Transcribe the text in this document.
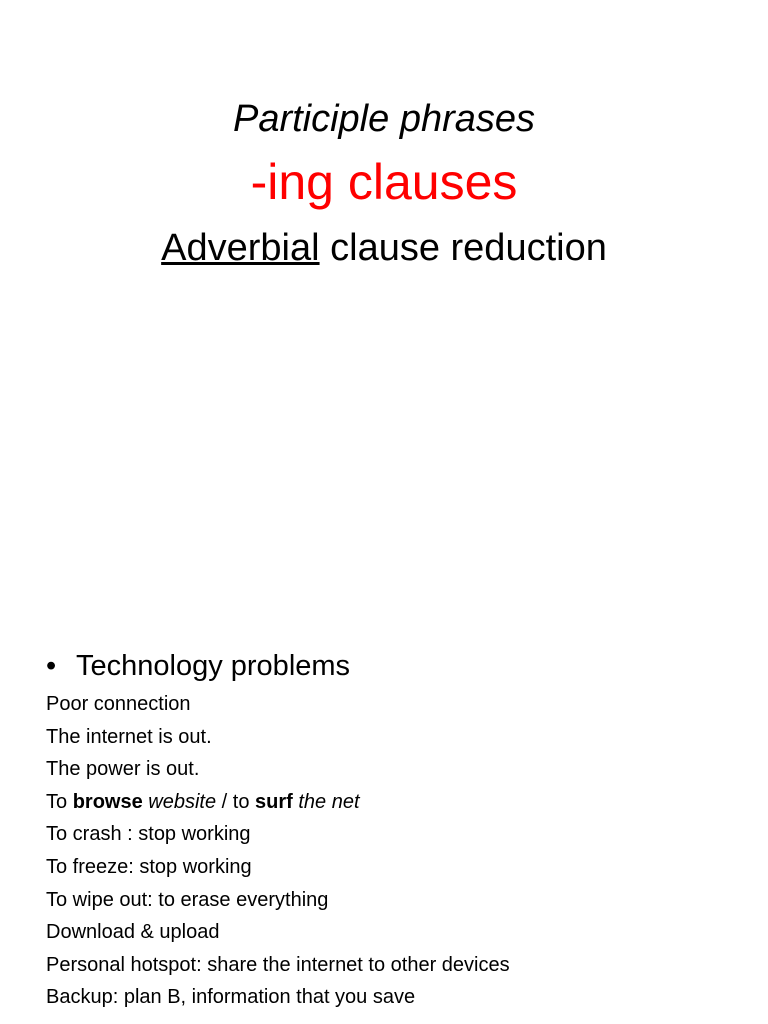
Participle phrases
-ing clauses
Adverbial clause reduction
• Technology problems
Poor connection
The internet is out.
The power is out.
To browse website / to surf the net
To crash : stop working
To freeze: stop working
To wipe out: to erase everything
Download & upload
Personal hotspot: share the internet to other devices
Backup: plan B, information that you save
